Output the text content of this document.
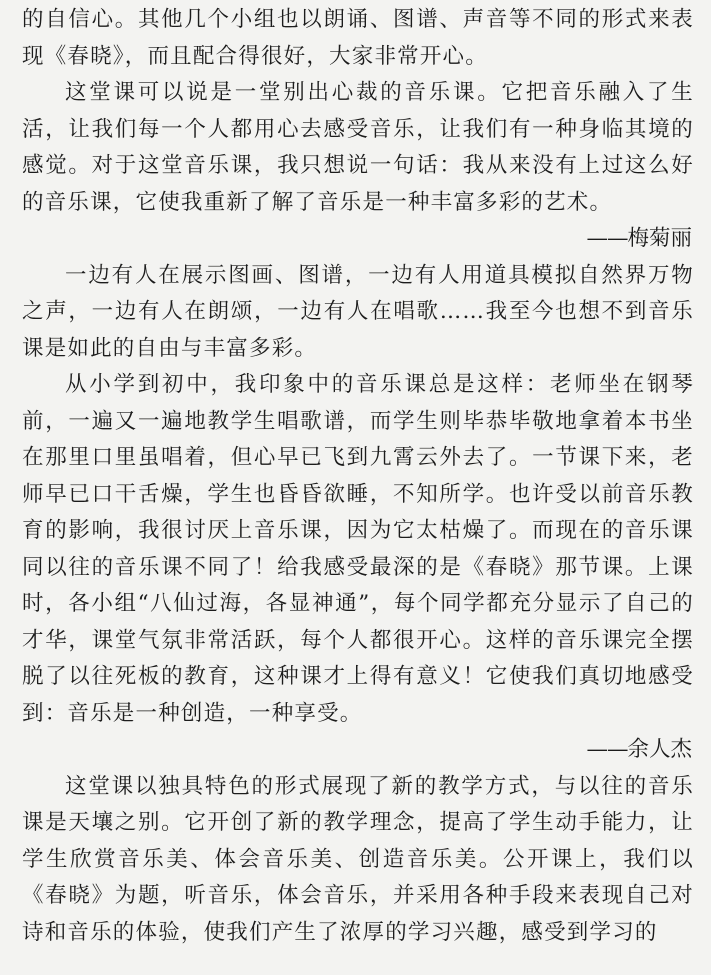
的自信心。其他几个小组也以朗诵、图谱、声音等不同的形式来表现《春晓》，而且配合得很好，大家非常开心。

这堂课可以说是一堂别出心裁的音乐课。它把音乐融入了生活，让我们每一个人都用心去感受音乐，让我们有一种身临其境的感觉。对于这堂音乐课，我只想说一句话：我从来没有上过这么好的音乐课，它使我重新了解了音乐是一种丰富多彩的艺术。

——梅菊丽

一边有人在展示图画、图谱，一边有人用道具模拟自然界万物之声，一边有人在朗颂，一边有人在唱歌……我至今也想不到音乐课是如此的自由与丰富多彩。

从小学到初中，我印象中的音乐课总是这样：老师坐在钢琴前，一遍又一遍地教学生唱歌谱，而学生则毕恭毕敬地拿着本书坐在那里口里虽唱着，但心早已飞到九霄云外去了。一节课下来，老师早已口干舌燥，学生也昏昏欲睡，不知所学。也许受以前音乐教育的影响，我很讨厌上音乐课，因为它太枯燥了。而现在的音乐课同以往的音乐课不同了！给我感受最深的是《春晓》那节课。上课时，各小组“八仙过海，各显神通”，每个同学都充分显示了自己的才华，课堂气氛非常活跃，每个人都很开心。这样的音乐课完全摆脱了以往死板的教育，这种课才上得有意义！它使我们真切地感受到：音乐是一种创造，一种享受。

——余人杰

这堂课以独具特色的形式展现了新的教学方式，与以往的音乐课是天壤之别。它开创了新的教学理念，提高了学生动手能力，让学生欣赏音乐美、体会音乐美、创造音乐美。公开课上，我们以《春晓》为题，听音乐，体会音乐，并采用各种手段来表现自己对诗和音乐的体验，使我们产生了浓厚的学习兴趣，感受到学习的
